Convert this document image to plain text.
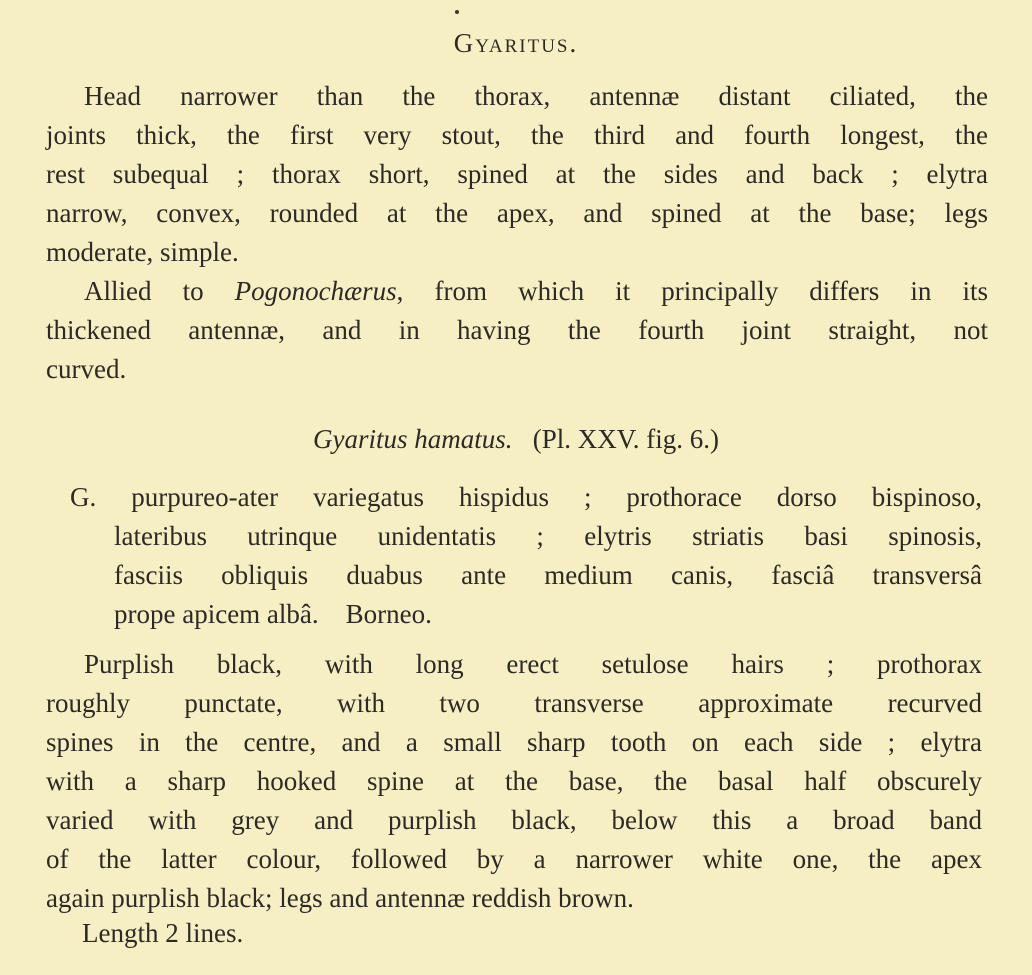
Gyaritus.
Head narrower than the thorax, antennæ distant ciliated, the
joints thick, the first very stout, the third and fourth longest, the
rest subequal ; thorax short, spined at the sides and back ; elytra
narrow, convex, rounded at the apex, and spined at the base; legs
moderate, simple.
Allied to Pogonochærus, from which it principally differs in its
thickened antennæ, and in having the fourth joint straight, not
curved.
Gyaritus hamatus. (Pl. XXV. fig. 6.)
G. purpureo-ater variegatus hispidus ; prothorace dorso bispinoso,
lateribus utrinque unidentatis ; elytris striatis basi spinosis,
fasciis obliquis duabus ante medium canis, fasciâ transversâ
prope apicem albâ.    Borneo.
Purplish black, with long erect setulose hairs ; prothorax
roughly punctate, with two transverse approximate recurved
spines in the centre, and a small sharp tooth on each side ; elytra
with a sharp hooked spine at the base, the basal half obscurely
varied with grey and purplish black, below this a broad band
of the latter colour, followed by a narrower white one, the apex
again purplish black; legs and antennæ reddish brown.
Length 2 lines.
